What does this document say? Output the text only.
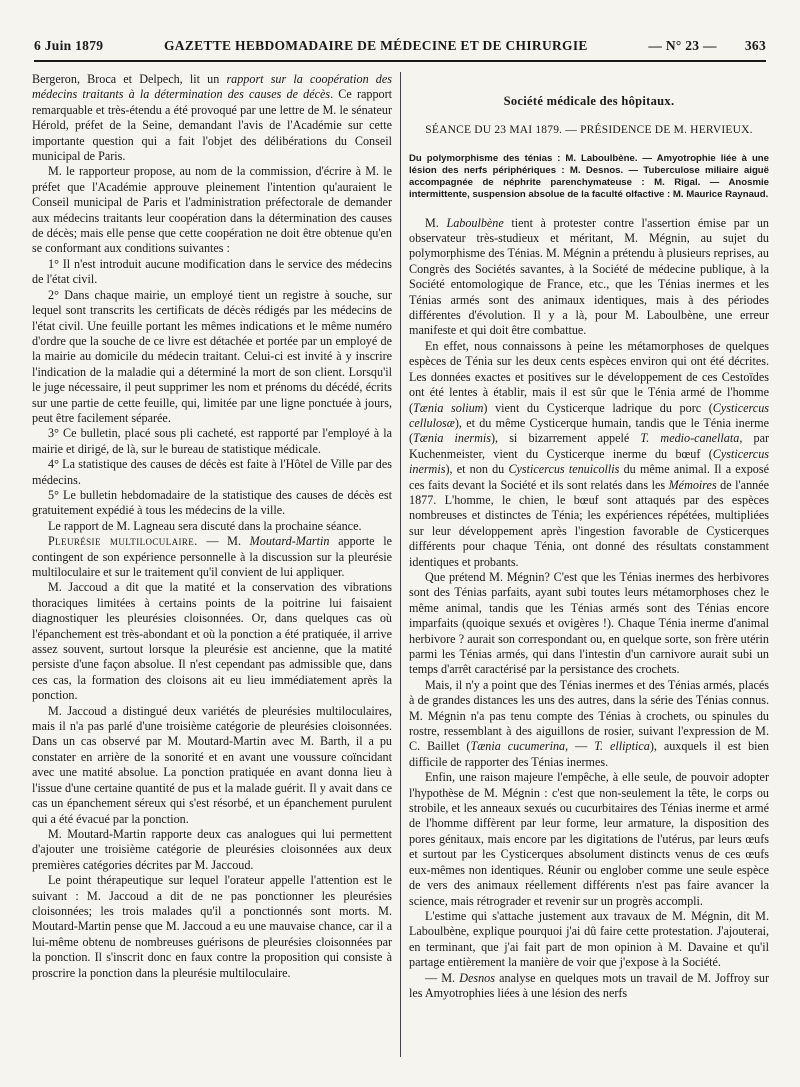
6 Juin 1879	GAZETTE HEBDOMADAIRE DE MÉDECINE ET DE CHIRURGIE	— N° 23 — 363

Bergeron, Broca et Delpech, lit un rapport sur la coopération des médecins traitants à la détermination des causes de décès. Ce rapport remarquable et très-étendu a été provoqué par une lettre de M. le sénateur Hérold, préfet de la Seine, demandant l'avis de l'Académie sur cette importante question qui a fait l'objet des délibérations du Conseil municipal de Paris.

M. le rapporteur propose, au nom de la commission, d'écrire à M. le préfet que l'Académie approuve pleinement l'intention qu'auraient le Conseil municipal de Paris et l'administration préfectorale de demander aux médecins traitants leur coopération dans la détermination des causes de décès; mais elle pense que cette coopération ne doit être obtenue qu'en se conformant aux conditions suivantes :

1° Il n'est introduit aucune modification dans le service des médecins de l'état civil.

2° Dans chaque mairie, un employé tient un registre à souche, sur lequel sont transcrits les certificats de décès rédigés par les médecins de l'état civil. Une feuille portant les mêmes indications et le même numéro d'ordre que la souche de ce livre est détachée et portée par un employé de la mairie au domicile du médecin traitant. Celui-ci est invité à y inscrire l'indication de la maladie qui a déterminé la mort de son client. Lorsqu'il le juge nécessaire, il peut supprimer les nom et prénoms du décédé, écrits sur une partie de cette feuille, qui, limitée par une ligne ponctuée à jours, peut être facilement séparée.

3° Ce bulletin, placé sous pli cacheté, est rapporté par l'employé à la mairie et dirigé, de là, sur le bureau de statistique médicale.

4° La statistique des causes de décès est faite à l'Hôtel de Ville par des médecins.

5° Le bulletin hebdomadaire de la statistique des causes de décès est gratuitement expédié à tous les médecins de la ville.

Le rapport de M. Lagneau sera discuté dans la prochaine séance.

Pleurésie multiloculaire. — M. Moutard-Martin apporte le contingent de son expérience personnelle à la discussion sur la pleurésie multiloculaire et sur le traitement qu'il convient de lui appliquer.

M. Jaccoud a dit que la matité et la conservation des vibrations thoraciques limitées à certains points de la poitrine lui faisaient diagnostiquer les pleurésies cloisonnées. Or, dans quelques cas où l'épanchement est très-abondant et où la ponction a été pratiquée, il arrive assez souvent, surtout lorsque la pleurésie est ancienne, que la matité persiste d'une façon absolue. Il n'est cependant pas admissible que, dans ces cas, la formation des cloisons ait eu lieu immédiatement après la ponction.

M. Jaccoud a distingué deux variétés de pleurésies multiloculaires, mais il n'a pas parlé d'une troisième catégorie de pleurésies cloisonnées. Dans un cas observé par M. Moutard-Martin avec M. Barth, il a pu constater en arrière de la sonorité et en avant une voussure coïncidant avec une matité absolue. La ponction pratiquée en avant donna lieu à l'issue d'une certaine quantité de pus et la malade guérit. Il y avait dans ce cas un épanchement séreux qui s'est résorbé, et un épanchement purulent qui a été évacué par la ponction.

M. Moutard-Martin rapporte deux cas analogues qui lui permettent d'ajouter une troisième catégorie de pleurésies cloisonnées aux deux premières catégories décrites par M. Jaccoud.

Le point thérapeutique sur lequel l'orateur appelle l'attention est le suivant : M. Jaccoud a dit de ne pas ponctionner les pleurésies cloisonnées; les trois malades qu'il a ponctionnés sont morts. M. Moutard-Martin pense que M. Jaccoud a eu une mauvaise chance, car il a lui-même obtenu de nombreuses guérisons de pleurésies cloisonnées par la ponction. Il s'inscrit donc en faux contre la proposition qui consiste à proscrire la ponction dans la pleurésie multiloculaire.

Société médicale des hôpitaux.
SÉANCE DU 23 MAI 1879. — PRÉSIDENCE DE M. HERVIEUX.
Du polymorphisme des ténias : M. Laboulbène. — Amyotrophie liée à une lésion des nerfs périphériques : M. Desnos. — Tuberculose miliaire aiguë accompagnée de néphrite parenchymateuse : M. Rigal. — Anosmie intermittente, suspension absolue de la faculté olfactive : M. Maurice Raynaud.

M. Laboulbène tient à protester contre l'assertion émise par un observateur très-studieux et méritant, M. Mégnin, au sujet du polymorphisme des Ténias. M. Mégnin a prétendu à plusieurs reprises, au Congrès des Sociétés savantes, à la Société de médecine publique, à la Société entomologique de France, etc., que les Ténias inermes et les Ténias armés sont des animaux identiques, mais à des périodes différentes d'évolution. Il y a là, pour M. Laboulbène, une erreur manifeste et qui doit être combattue.

En effet, nous connaissons à peine les métamorphoses de quelques espèces de Ténia sur les deux cents espèces environ qui ont été décrites. Les données exactes et positives sur le développement de ces Cestoïdes ont été lentes à établir, mais il est sûr que le Ténia armé de l'homme (Tænia solium) vient du Cysticerque ladrique du porc (Cysticercus cellulosæ), et du même Cysticerque humain, tandis que le Ténia inerme (Tænia inermis), si bizarrement appelé T. medio-canellata, par Kuchenmeister, vient du Cysticerque inerme du bœuf (Cysticercus inermis), et non du Cysticercus tenuicollis du même animal. Il a exposé ces faits devant la Société et ils sont relatés dans les Mémoires de l'année 1877. L'homme, le chien, le bœuf sont attaqués par des espèces nombreuses et distinctes de Ténia; les expériences répétées, multipliées sur leur développement après l'ingestion favorable de Cysticerques différents pour chaque Ténia, ont donné des résultats constamment identiques et probants.

Que prétend M. Mégnin? C'est que les Ténias inermes des herbivores sont des Ténias parfaits, ayant subi toutes leurs métamorphoses chez le même animal, tandis que les Ténias armés sont des Ténias encore imparfaits (quoique sexués et ovigères !). Chaque Ténia inerme d'animal herbivore ? aurait son correspondant ou, en quelque sorte, son frère utérin parmi les Ténias armés, qui dans l'intestin d'un carnivore aurait subi un temps d'arrêt caractérisé par la persistance des crochets.

Mais, il n'y a point que des Ténias inermes et des Ténias armés, placés à de grandes distances les uns des autres, dans la série des Ténias connus. M. Mégnin n'a pas tenu compte des Ténias à crochets, ou spinules du rostre, ressemblant à des aiguillons de rosier, suivant l'expression de M. C. Baillet (Tænia cucumerina, — T. elliptica), auxquels il est bien difficile de rapporter des Ténias inermes.

Enfin, une raison majeure l'empêche, à elle seule, de pouvoir adopter l'hypothèse de M. Mégnin : c'est que non-seulement la tête, le corps ou strobile, et les anneaux sexués ou cucurbitaires des Ténias inerme et armé de l'homme diffèrent par leur forme, leur armature, la disposition des pores génitaux, mais encore par les digitations de l'utérus, par leurs œufs et surtout par les Cysticerques absolument distincts venus de ces œufs eux-mêmes non identiques. Réunir ou englober comme une seule espèce de vers des animaux réellement différents n'est pas faire avancer la science, mais rétrograder et revenir sur un progrès accompli.

L'estime qui s'attache justement aux travaux de M. Mégnin, dit M. Laboulbène, explique pourquoi j'ai dû faire cette protestation. J'ajouterai, en terminant, que j'ai fait part de mon opinion à M. Davaine et qu'il partage entièrement la manière de voir que j'expose à la Société.

— M. Desnos analyse en quelques mots un travail de M. Joffroy sur les Amyotrophies liées à une lésion des nerfs
